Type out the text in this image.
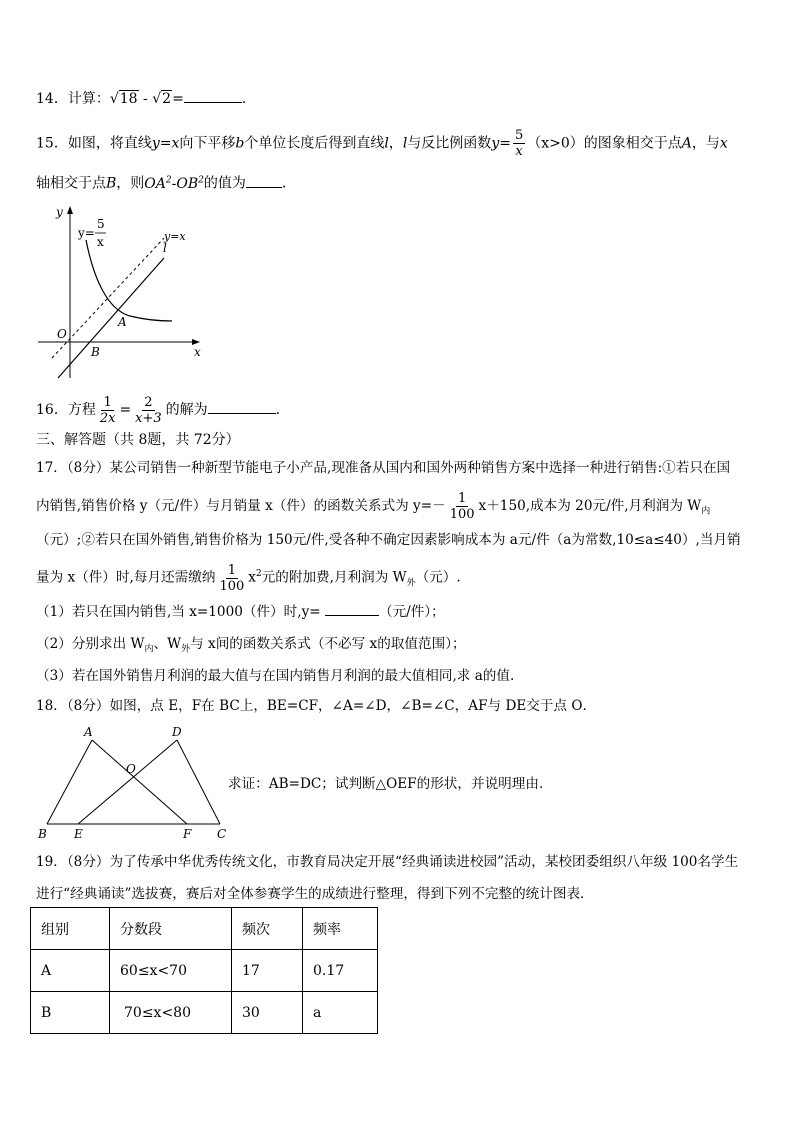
14．计算：√18 - √2=	.
15．如图，将直线y=x向下平移b个单位长度后得到直线l，l与反比例函数$y= \frac{5}{x} (x>0)$的图象相交于点A，与x
轴相交于点B，则$OA^2-OB^2$的值为	.
y
x
y=
5
x	y=x
l
A
O
B
16．方程 $\frac{1}{2x} = \frac{2}{x+3}$ 的解为	.
三、解答题（共 8题，共 72分）
17．（8分）某公司销售一种新型节能电子小产品,现准备从国内和国外两种销售方案中选择一种进行销售:①若只在国
内销售,销售价格 y（元/件）与月销量 x（件）的函数关系式为 $y=- \frac{1}{100} x+150$,成本为 20元/件,月利润为 $W_内$
（元）;②若只在国外销售,销售价格为 150元/件,受各种不确定因素影响成本为 a元/件（a为常数,10≤a≤40）,当月销
量为 x（件）时,每月还需缴纳 $\frac{1}{100} x^2$元的附加费,月利润为 $W_外$（元）.
（1）若只在国内销售,当 x=1000（件）时,y=	（元/件）；
（2）分别求出 $W_内$、$W_外$与 x间的函数关系式（不必写 x的取值范围）；
（3）若在国外销售月利润的最大值与在国内销售月利润的最大值相同,求 a的值.
18．（8分）如图，点 E，F在 BC上，BE=CF，∠A=∠D，∠B=∠C，AF与 DE交于点 O．
A	D
O
B E	F C
求证：AB=DC；试判断△OEF的形状，并说明理由．
19．（8分）为了传承中华优秀传统文化，市教育局决定开展“经典诵读进校园”活动，某校团委组织八年级 100名学生
进行“经典诵读”选拔赛，赛后对全体参赛学生的成绩进行整理，得到下列不完整的统计图表．
组别	分数段	频次	频率
A	60≤x<70	17	0.17
B	70≤x<80	30	a
